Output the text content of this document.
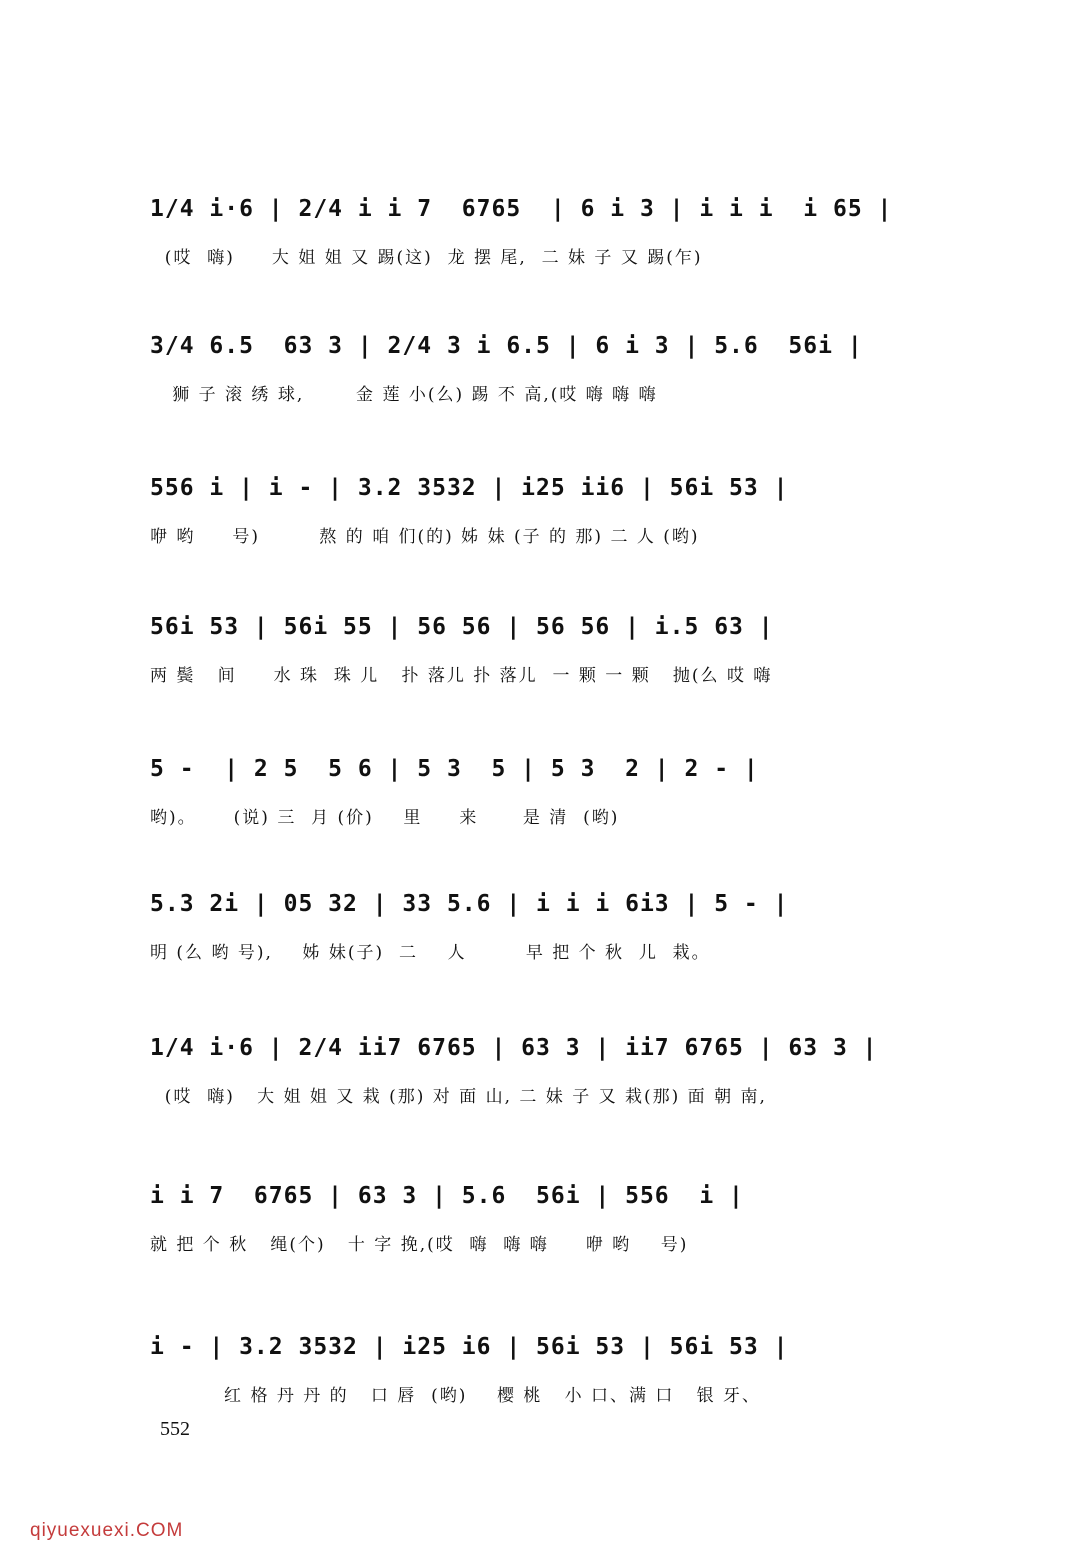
1/4 i·6 | 2/4 i i 7  6765  | 6 i 3 | i i i  i 65 |
(哎  嗨)     大 姐 姐 又 踢(这)  龙 摆 尾,  二 妹 子 又 踢(乍)
3/4 6.5  63 3 | 2/4 3 i 6.5 | 6 i 3 | 5.6  56i |
狮 子 滚 绣 球,       金 莲 小(么) 踢 不 高,(哎 嗨 嗨 嗨
556 i | i - | 3.2 3532 | i25 ii6 | 56i 53 |
咿 哟     号)        熬 的 咱 们(的) 姊 妹 (子 的 那) 二 人 (哟)
56i 53 | 56i 55 | 56 56 | 56 56 | i.5 63 |
两 鬓   间     水 珠  珠 儿   扑 落儿 扑 落儿  一 颗 一 颗   抛(么 哎 嗨
5 -  | 2 5  5 6 | 5 3  5 | 5 3  2 | 2 - |
哟)。     (说) 三  月 (价)    里     来      是 清  (哟)
5.3 2i | 05 32 | 33 5.6 | i i i 6i3 | 5 - |
明 (么 哟 号),    姊 妹(子)  二    人        早 把 个 秋  儿  栽。
1/4 i·6 | 2/4 ii7 6765 | 63 3 | ii7 6765 | 63 3 |
(哎  嗨)   大 姐 姐 又 栽 (那) 对 面 山, 二 妹 子 又 栽(那) 面 朝 南,
i i 7  6765 | 63 3 | 5.6  56i | 556  i |
就 把 个 秋   绳(个)   十 字 挽,(哎  嗨  嗨 嗨     咿 哟    号)
i - | 3.2 3532 | i25 i6 | 56i 53 | 56i 53 |
红 格 丹 丹 的   口 唇  (哟)    樱 桃   小 口、满 口   银 牙、
552
qiyuexuexi.COM
